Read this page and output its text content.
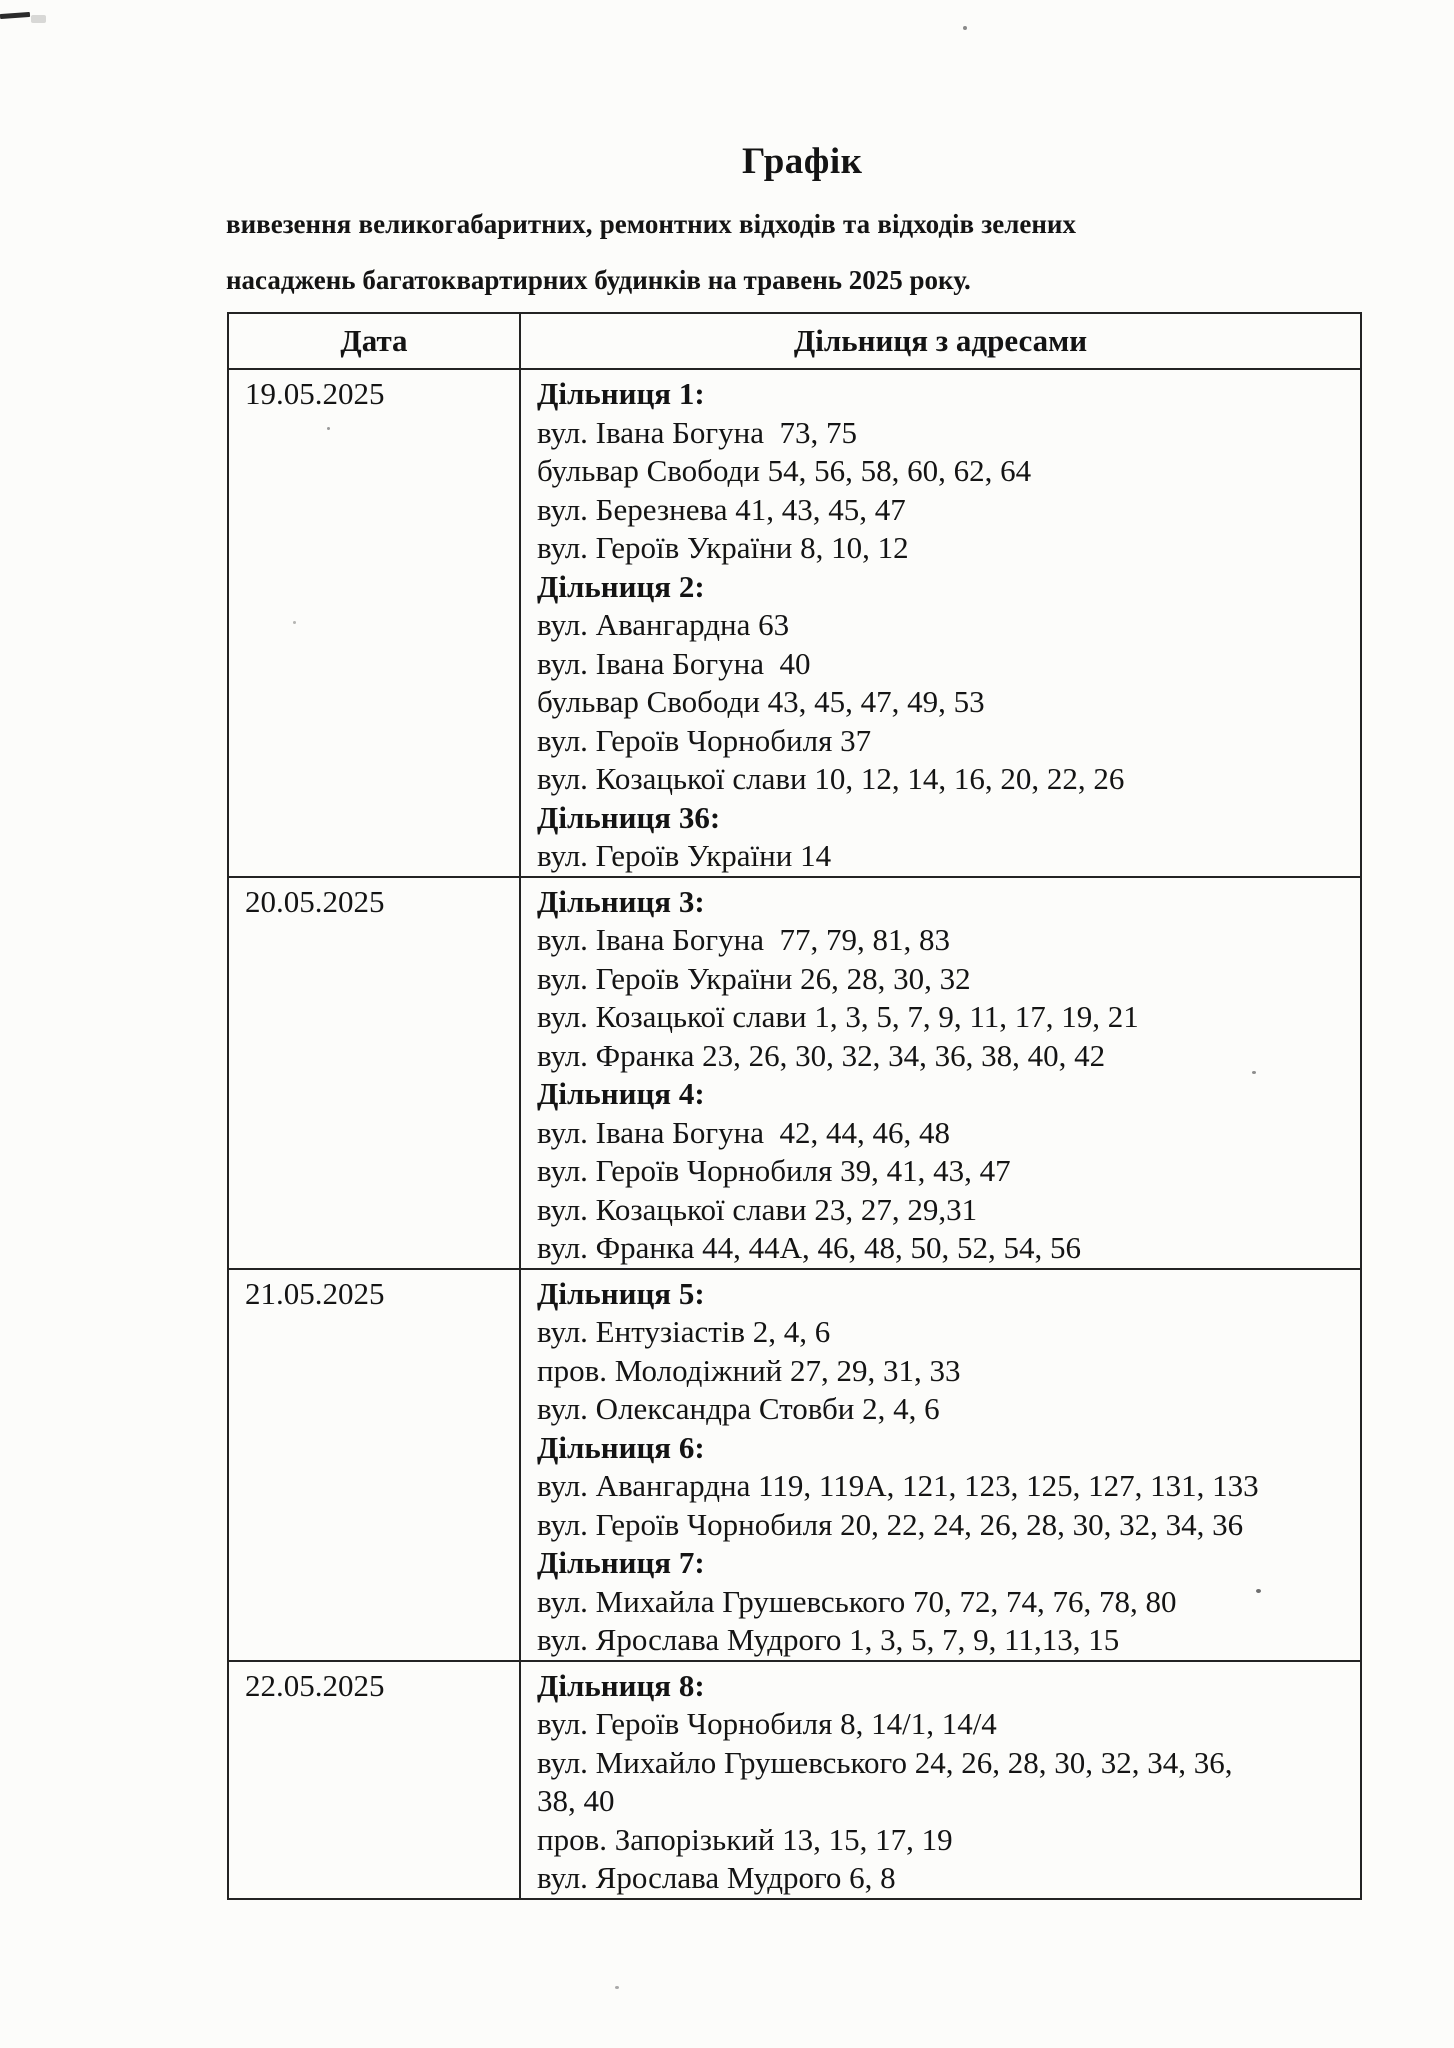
Графік
вивезення великогабаритних, ремонтних відходів та відходів зелених
насаджень багатоквартирних будинків на травень 2025 року.
Дата	Дільниця з адресами
19.05.2025	Дільниця 1:
вул. Івана Богуна  73, 75
бульвар Свободи 54, 56, 58, 60, 62, 64
вул. Березнева 41, 43, 45, 47
вул. Героїв України 8, 10, 12
Дільниця 2:
вул. Авангардна 63
вул. Івана Богуна  40
бульвар Свободи 43, 45, 47, 49, 53
вул. Героїв Чорнобиля 37
вул. Козацької слави 10, 12, 14, 16, 20, 22, 26
Дільниця 36:
вул. Героїв України 14
20.05.2025	Дільниця 3:
вул. Івана Богуна  77, 79, 81, 83
вул. Героїв України 26, 28, 30, 32
вул. Козацької слави 1, 3, 5, 7, 9, 11, 17, 19, 21
вул. Франка 23, 26, 30, 32, 34, 36, 38, 40, 42
Дільниця 4:
вул. Івана Богуна  42, 44, 46, 48
вул. Героїв Чорнобиля 39, 41, 43, 47
вул. Козацької слави 23, 27, 29,31
вул. Франка 44, 44А, 46, 48, 50, 52, 54, 56
21.05.2025	Дільниця 5:
вул. Ентузіастів 2, 4, 6
пров. Молодіжний 27, 29, 31, 33
вул. Олександра Стовби 2, 4, 6
Дільниця 6:
вул. Авангардна 119, 119А, 121, 123, 125, 127, 131, 133
вул. Героїв Чорнобиля 20, 22, 24, 26, 28, 30, 32, 34, 36
Дільниця 7:
вул. Михайла Грушевського 70, 72, 74, 76, 78, 80
вул. Ярослава Мудрого 1, 3, 5, 7, 9, 11,13, 15
22.05.2025	Дільниця 8:
вул. Героїв Чорнобиля 8, 14/1, 14/4
вул. Михайло Грушевського 24, 26, 28, 30, 32, 34, 36,
38, 40
пров. Запорізький 13, 15, 17, 19
вул. Ярослава Мудрого 6, 8
